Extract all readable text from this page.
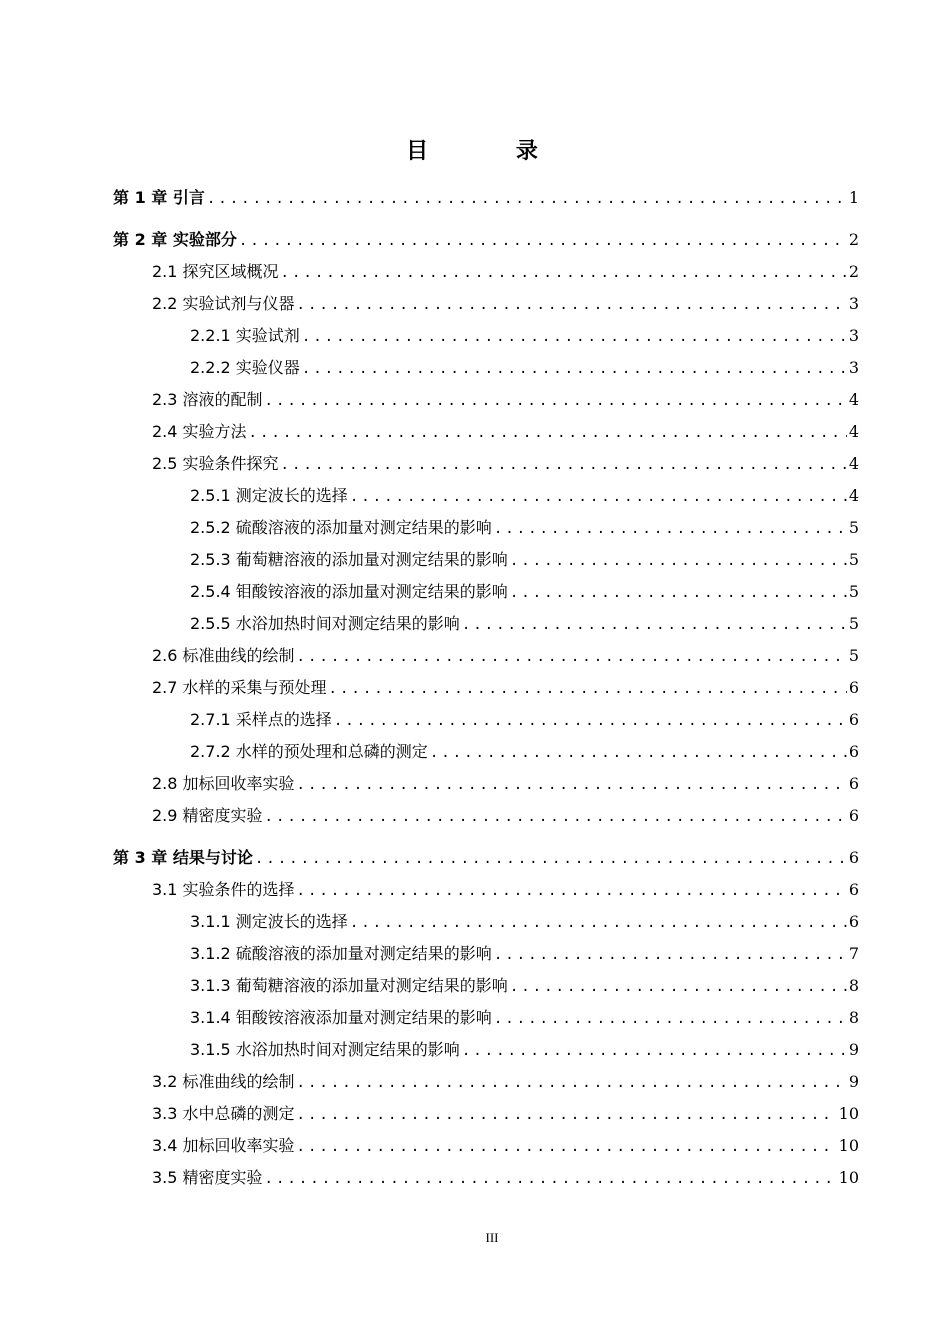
目 录
第 1 章 引言 .....	1
第 2 章 实验部分 .....	2
2.1 探究区域概况 .....	2
2.2 实验试剂与仪器 .....	3
2.2.1 实验试剂 .....	3
2.2.2 实验仪器 .....	3
2.3 溶液的配制 .....	4
2.4 实验方法 .....	4
2.5 实验条件探究 .....	4
2.5.1 测定波长的选择 .....	4
2.5.2 硫酸溶液的添加量对测定结果的影响 .....	5
2.5.3 葡萄糖溶液的添加量对测定结果的影响 .....	5
2.5.4 钼酸铵溶液的添加量对测定结果的影响 .....	5
2.5.5 水浴加热时间对测定结果的影响 .....	5
2.6 标准曲线的绘制 .....	5
2.7 水样的采集与预处理 .....	6
2.7.1 采样点的选择 .....	6
2.7.2 水样的预处理和总磷的测定 .....	6
2.8 加标回收率实验 .....	6
2.9 精密度实验 .....	6
第 3 章 结果与讨论 .....	6
3.1 实验条件的选择 .....	6
3.1.1 测定波长的选择 .....	6
3.1.2 硫酸溶液的添加量对测定结果的影响 .....	7
3.1.3 葡萄糖溶液的添加量对测定结果的影响 .....	8
3.1.4 钼酸铵溶液添加量对测定结果的影响 .....	8
3.1.5 水浴加热时间对测定结果的影响 .....	9
3.2 标准曲线的绘制 .....	9
3.3 水中总磷的测定 .....	10
3.4 加标回收率实验 .....	10
3.5 精密度实验 .....	10
III
